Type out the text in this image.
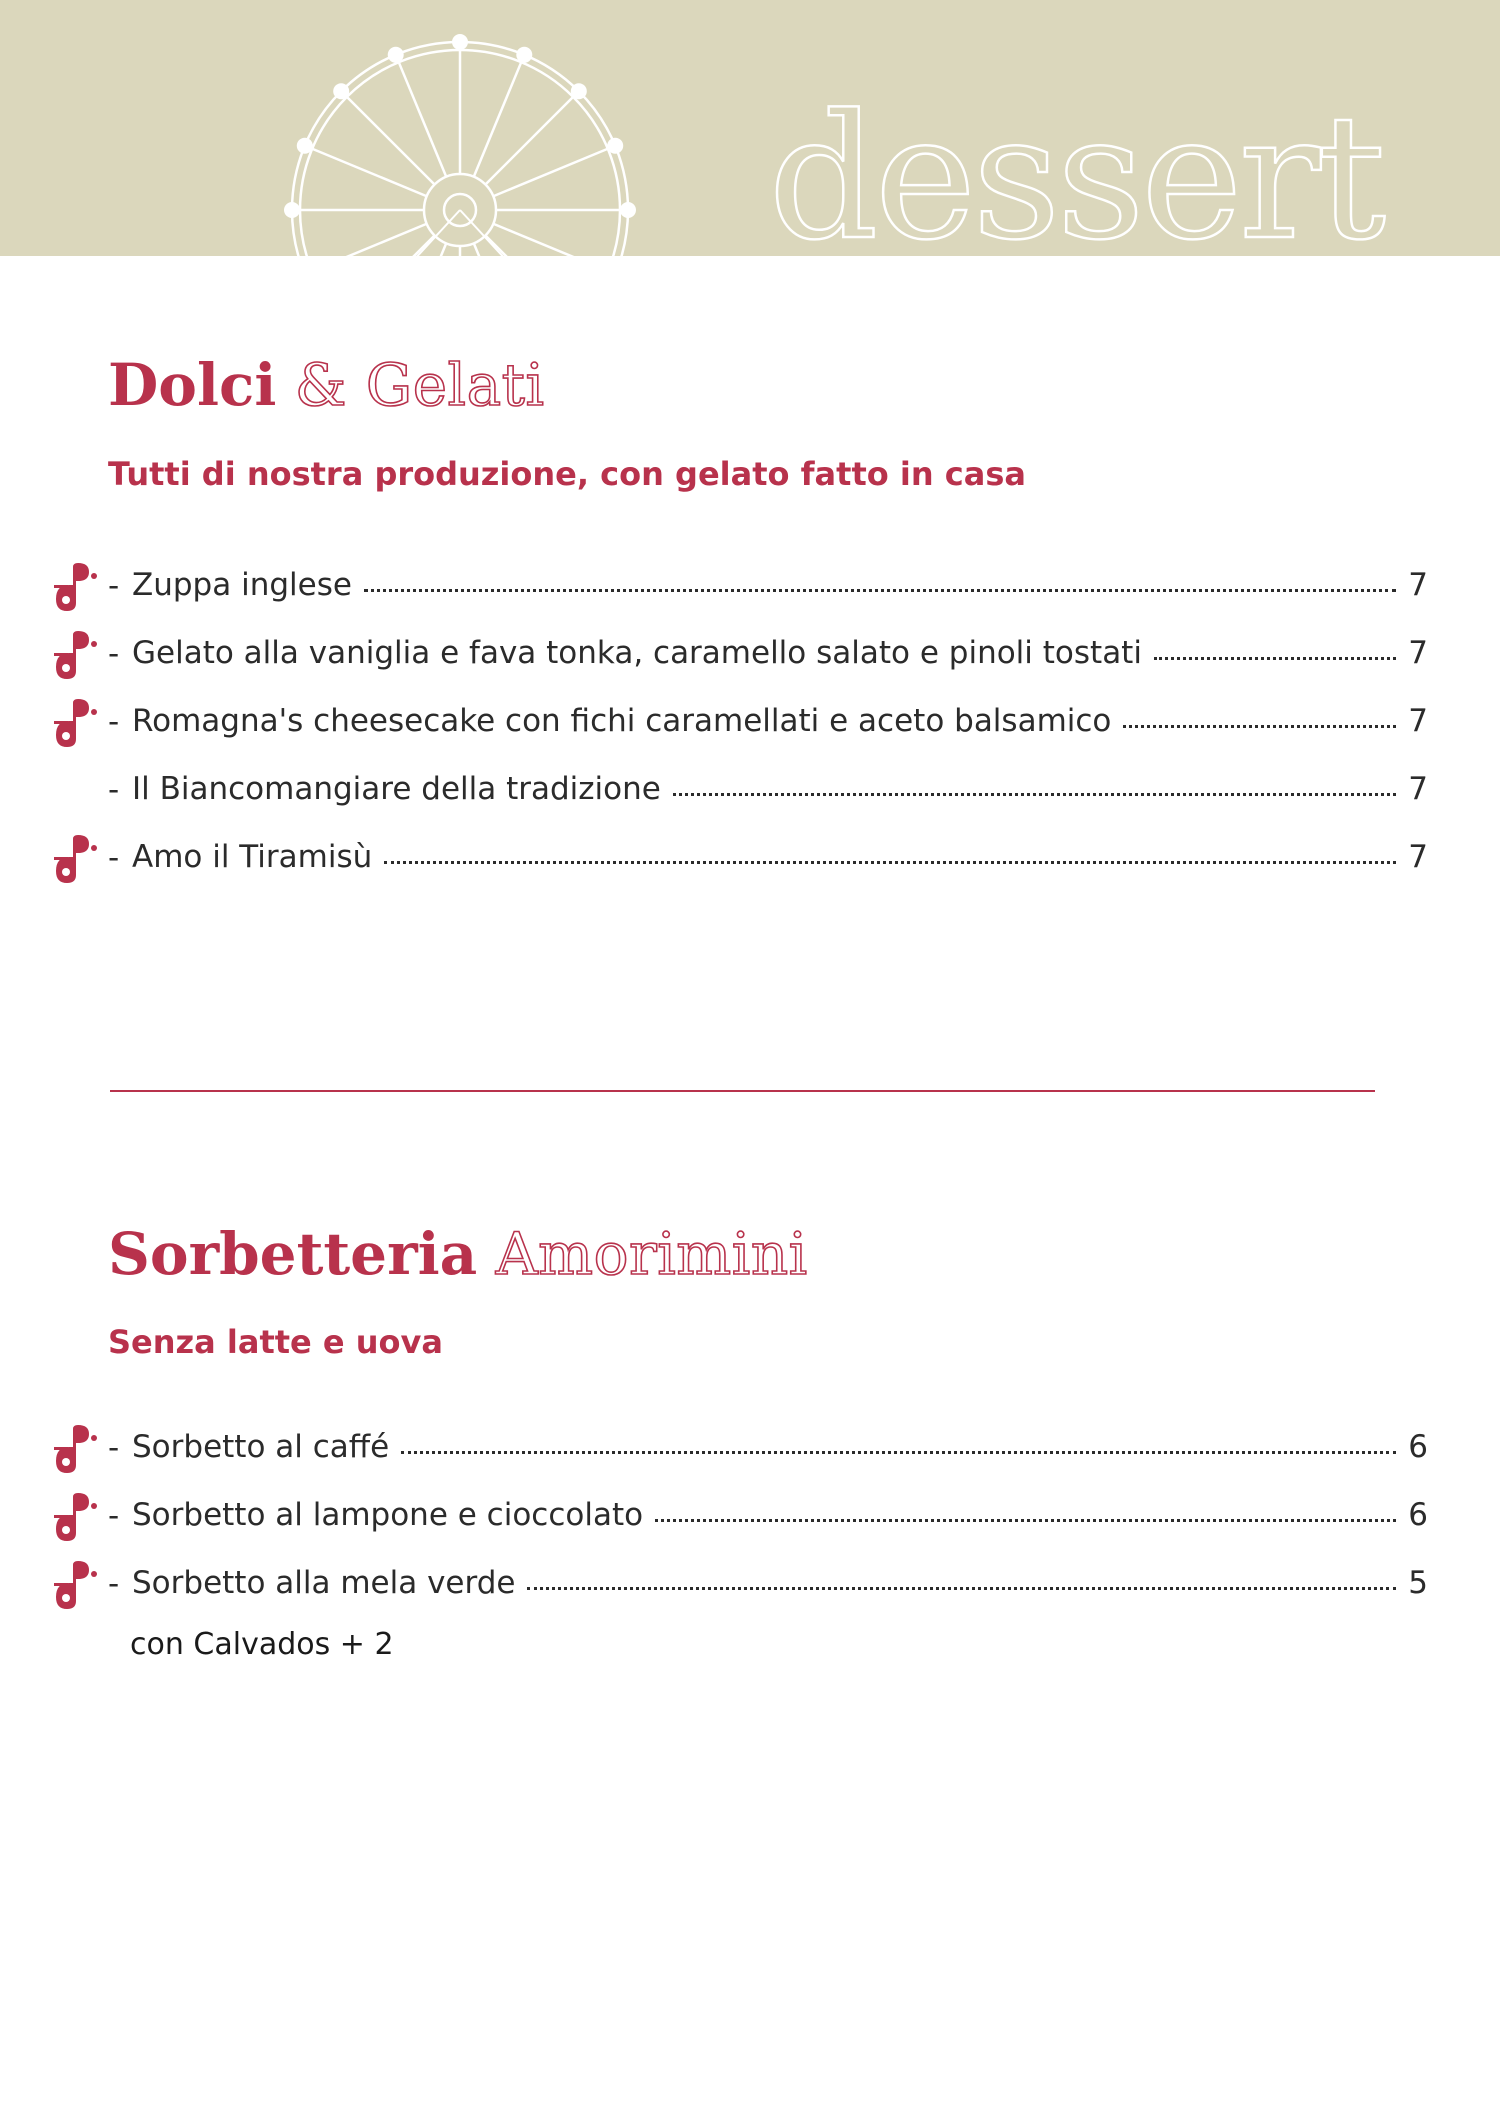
dessert
Dolci & Gelati

Tutti di nostra produzione, con gelato fatto in casa

- Zuppa inglese	7
- Gelato alla vaniglia e fava tonka, caramello salato e pinoli tostati	7
- Romagna's cheesecake con fichi caramellati e aceto balsamico	7
- Il Biancomangiare della tradizione	7
- Amo il Tiramisù	7
Sorbetteria Amorimini

Senza latte e uova

- Sorbetto al caffé	6
- Sorbetto al lampone e cioccolato	6
- Sorbetto alla mela verde	5

con Calvados + 2
